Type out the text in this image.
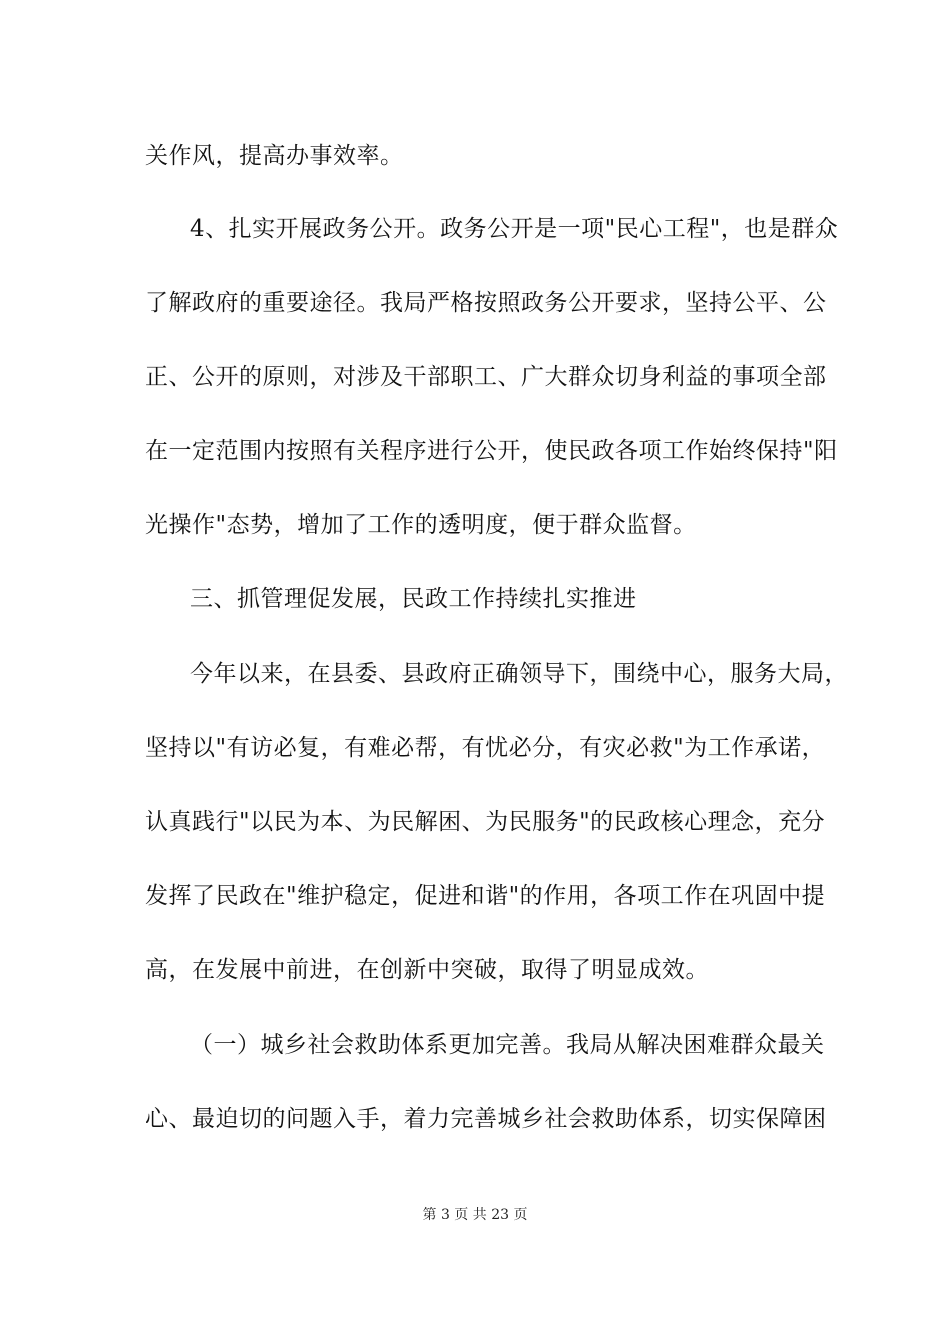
关作风，提高办事效率。
4、扎实开展政务公开。政务公开是一项"民心工程"，也是群众
了解政府的重要途径。我局严格按照政务公开要求，坚持公平、公
正、公开的原则，对涉及干部职工、广大群众切身利益的事项全部
在一定范围内按照有关程序进行公开，使民政各项工作始终保持"阳
光操作"态势，增加了工作的透明度，便于群众监督。
三、抓管理促发展，民政工作持续扎实推进
今年以来，在县委、县政府正确领导下，围绕中心，服务大局，
坚持以"有访必复，有难必帮，有忧必分，有灾必救"为工作承诺，
认真践行"以民为本、为民解困、为民服务"的民政核心理念，充分
发挥了民政在"维护稳定，促进和谐"的作用，各项工作在巩固中提
高，在发展中前进，在创新中突破，取得了明显成效。
（一）城乡社会救助体系更加完善。我局从解决困难群众最关
心、最迫切的问题入手，着力完善城乡社会救助体系，切实保障困
第 3 页 共 23 页
